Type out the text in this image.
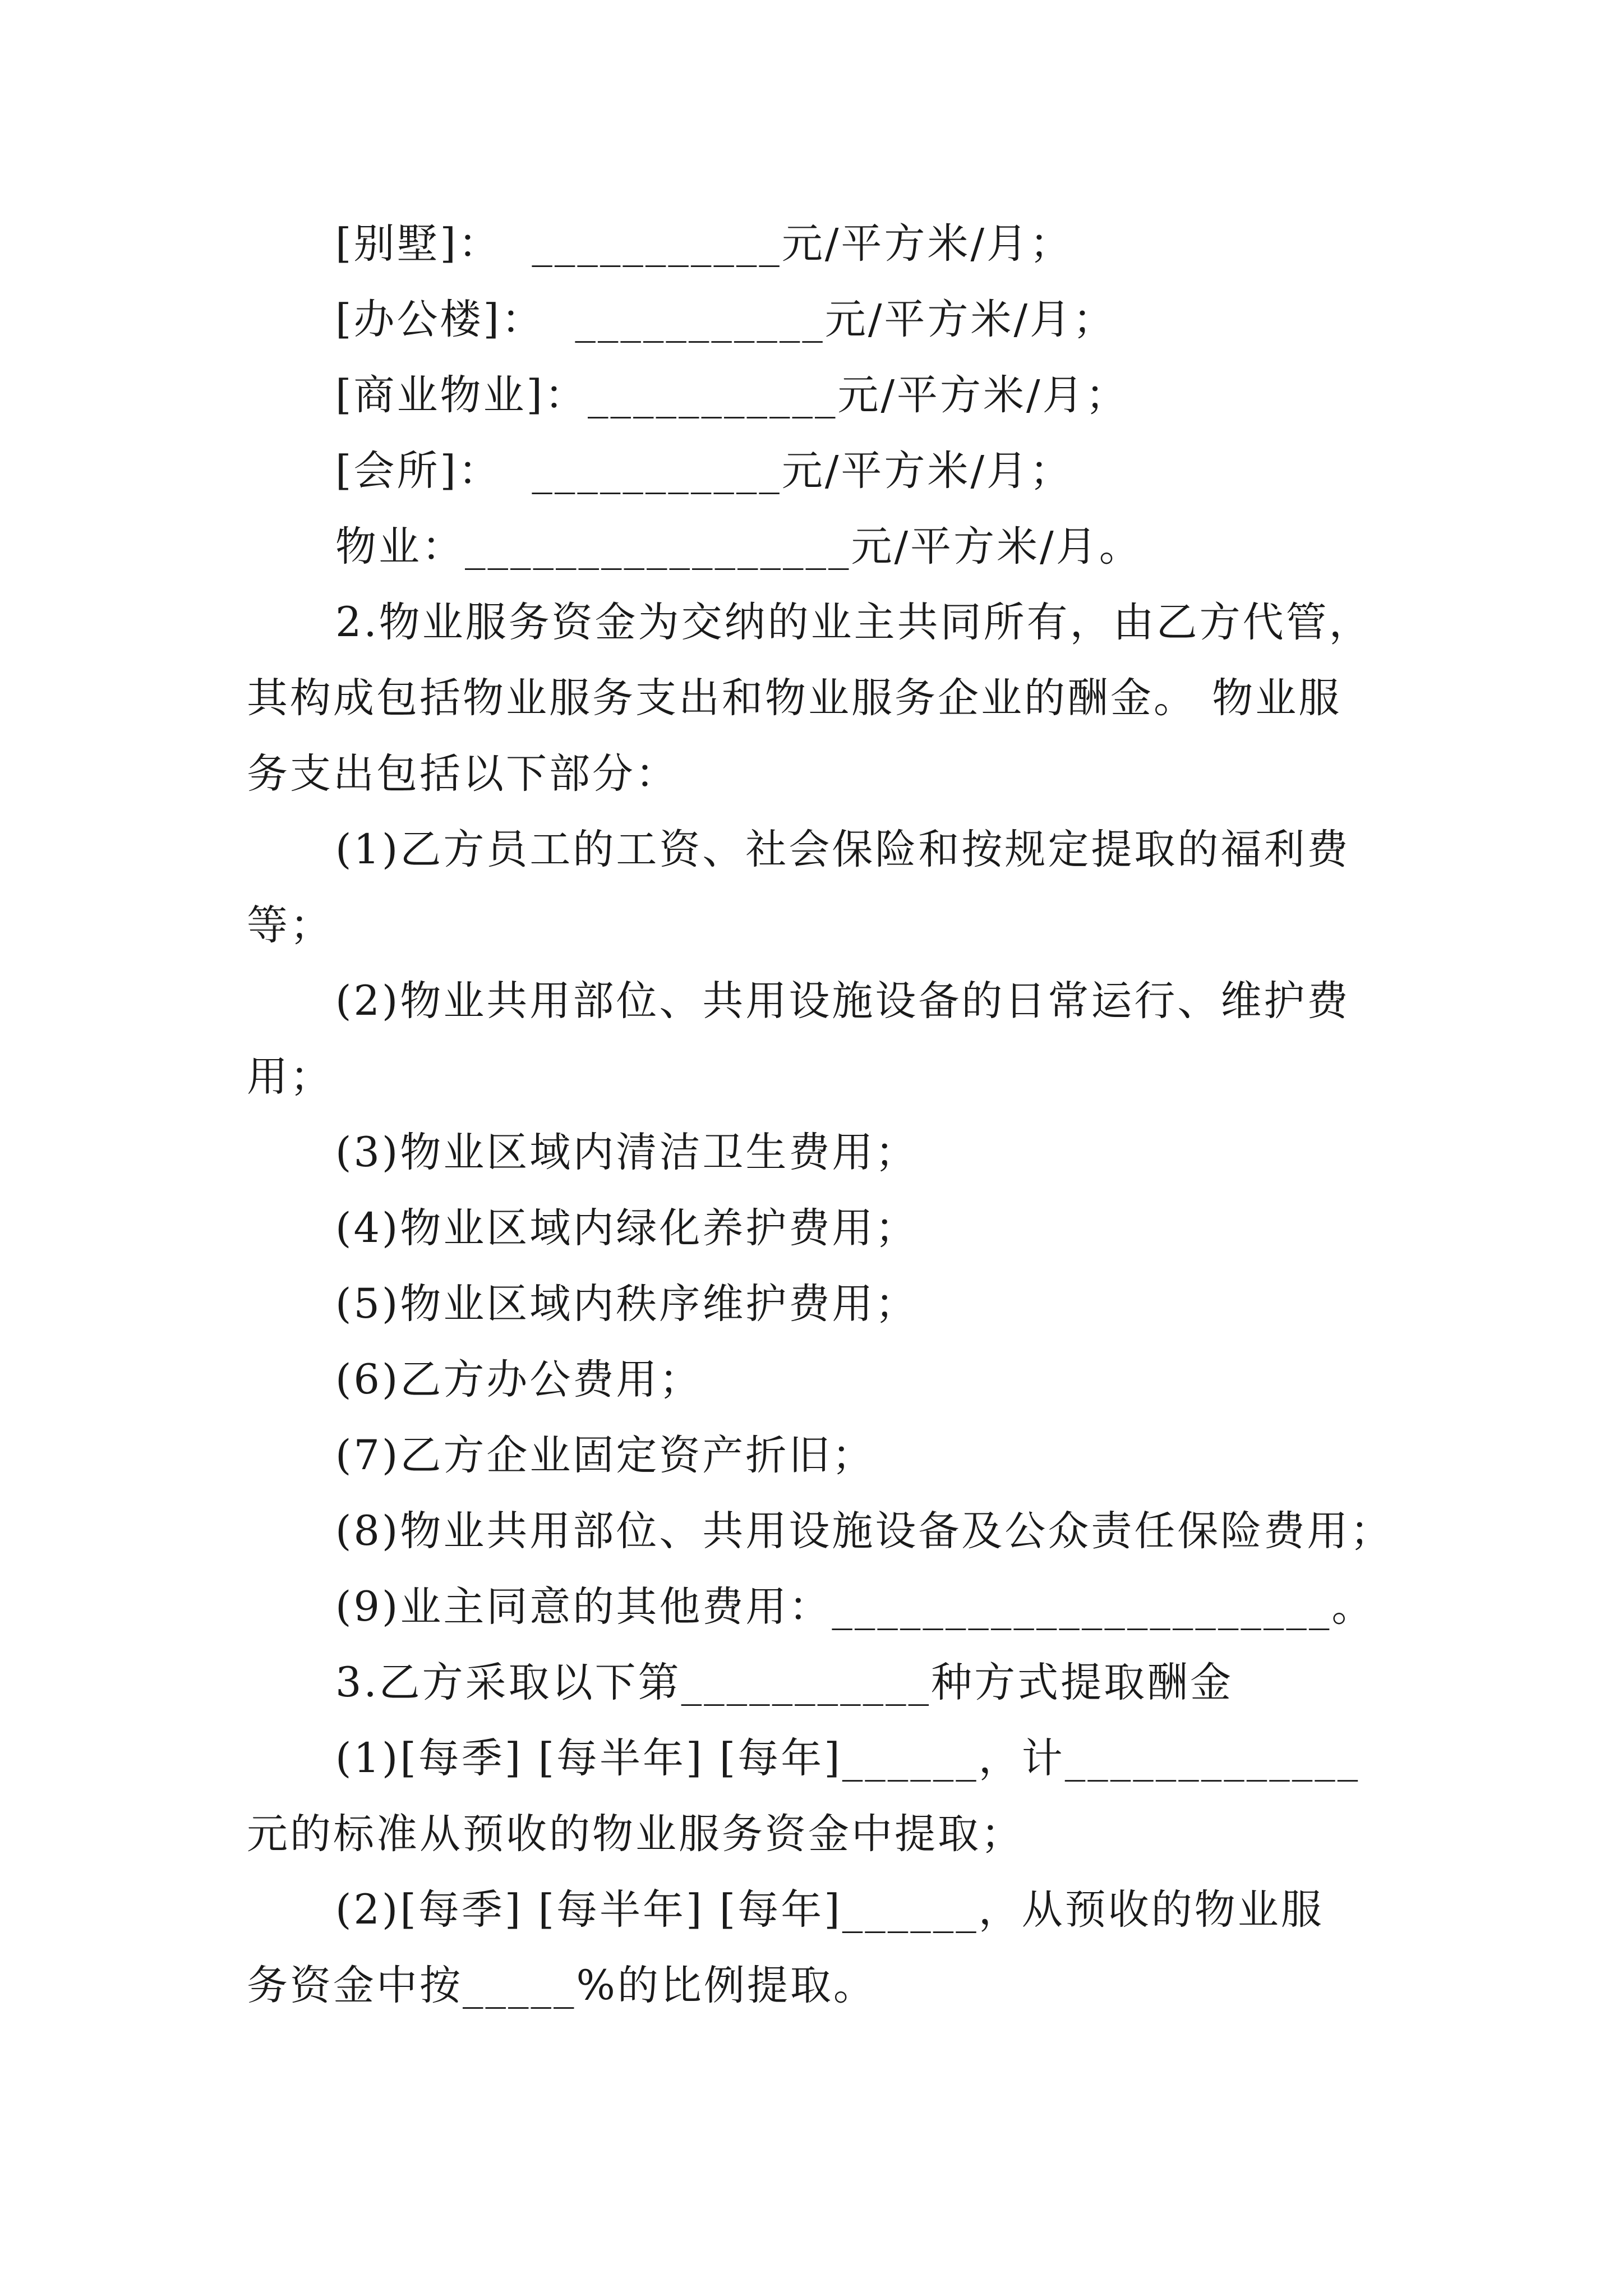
[别墅]：  ___________元/平方米/月；
[办公楼]：  ___________元/平方米/月；
[商业物业]：___________元/平方米/月；
[会所]：  ___________元/平方米/月；
物业：_________________元/平方米/月。
2.物业服务资金为交纳的业主共同所有，由乙方代管，
其构成包括物业服务支出和物业服务企业的酬金。 物业服
务支出包括以下部分：
(1)乙方员工的工资、社会保险和按规定提取的福利费
等；
(2)物业共用部位、共用设施设备的日常运行、维护费
用；
(3)物业区域内清洁卫生费用；
(4)物业区域内绿化养护费用；
(5)物业区域内秩序维护费用；
(6)乙方办公费用；
(7)乙方企业固定资产折旧；
(8)物业共用部位、共用设施设备及公众责任保险费用；
(9)业主同意的其他费用：______________________。
3.乙方采取以下第___________种方式提取酬金
(1)[每季] [每半年] [每年]______，计_____________
元的标准从预收的物业服务资金中提取；
(2)[每季] [每半年] [每年]______，从预收的物业服
务资金中按_____%的比例提取。
